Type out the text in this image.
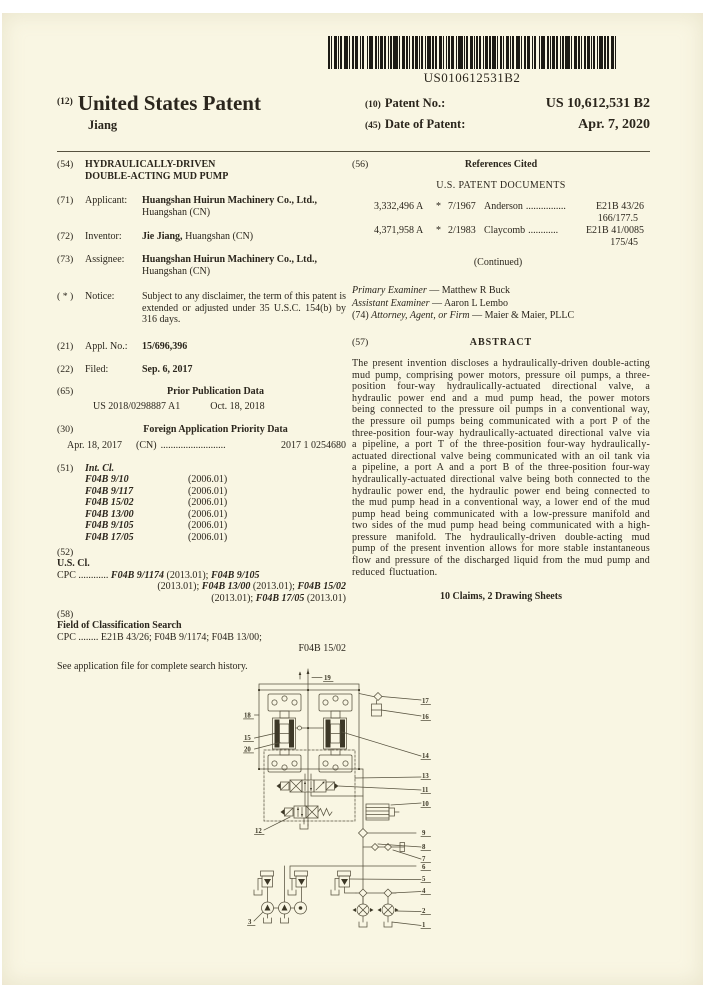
US010612531B2
$^{(12)}$ United States Patent
Jiang
(10) Patent No.:	US 10,612,531 B2
(45) Date of Patent:	Apr. 7, 2020
(54)	HYDRAULICALLY-DRIVEN
DOUBLE-ACTING MUD PUMP
(71)	Applicant:	Huangshan Huirun Machinery Co., Ltd., Huangshan (CN)
(72)	Inventor:	Jie Jiang, Huangshan (CN)
(73)	Assignee:	Huangshan Huirun Machinery Co., Ltd., Huangshan (CN)
( * )	Notice:	Subject to any disclaimer, the term of this patent is extended or adjusted under 35 U.S.C. 154(b) by 316 days.
(21)	Appl. No.:	15/696,396
(22)	Filed:	Sep. 6, 2017
(65)	Prior Publication Data
US 2018/0298887 A1	Oct. 18, 2018
(30)	Foreign Application Priority Data
Apr. 18, 2017 (CN) ..........................	2017 1 0254680
(51)	Int. Cl.
F04B 9/10	(2006.01)
F04B 9/117	(2006.01)
F04B 15/02	(2006.01)
F04B 13/00	(2006.01)
F04B 9/105	(2006.01)
F04B 17/05	(2006.01)
(52)
U.S. Cl.
CPC ............ F04B 9/1174 (2013.01); F04B 9/105
(2013.01); F04B 13/00 (2013.01); F04B 15/02
(2013.01); F04B 17/05 (2013.01)
(58)
Field of Classification Search
CPC ........ E21B 43/26; F04B 9/1174; F04B 13/00;
F04B 15/02
See application file for complete search history.
(56)	References Cited
U.S. PATENT DOCUMENTS
3,332,496 A	* 7/1967 Anderson ................	E21B 43/26
166/177.5
4,371,958 A	* 2/1983 Claycomb ............	E21B 41/0085
175/45
(Continued)
Primary Examiner — Matthew R Buck
Assistant Examiner — Aaron L Lembo
(74) Attorney, Agent, or Firm — Maier & Maier, PLLC
(57)	ABSTRACT
The present invention discloses a hydraulically-driven double-acting mud pump, comprising power motors, pressure oil pumps, a three-position four-way hydraulically-actuated directional valve, a hydraulic power end and a mud pump head, the power motors being connected to the pressure oil pumps in a conventional way, the pressure oil pumps being communicated with a port P of the three-position four-way hydraulically-actuated directional valve via a pipeline, a port T of the three-position four-way hydraulically-actuated directional valve being communicated with an oil tank via a pipeline, a port A and a port B of the three-position four-way hydraulically-actuated directional valve being both connected to the hydraulic power end, the hydraulic power end being connected to the mud pump head in a conventional way, a lower end of the mud pump head being communicated with a low-pressure manifold and two sides of the mud pump head being communicated with a high-pressure manifold. The hydraulically-driven double-acting mud pump of the present invention allows for more stable instantaneous flow and pressure of the discharged liquid from the mud pump and reduced fluctuation.
10 Claims, 2 Drawing Sheets
19
17
16
14
13
11
10
9
8
7
6
5
4
2
1
18
15
20
12
3
